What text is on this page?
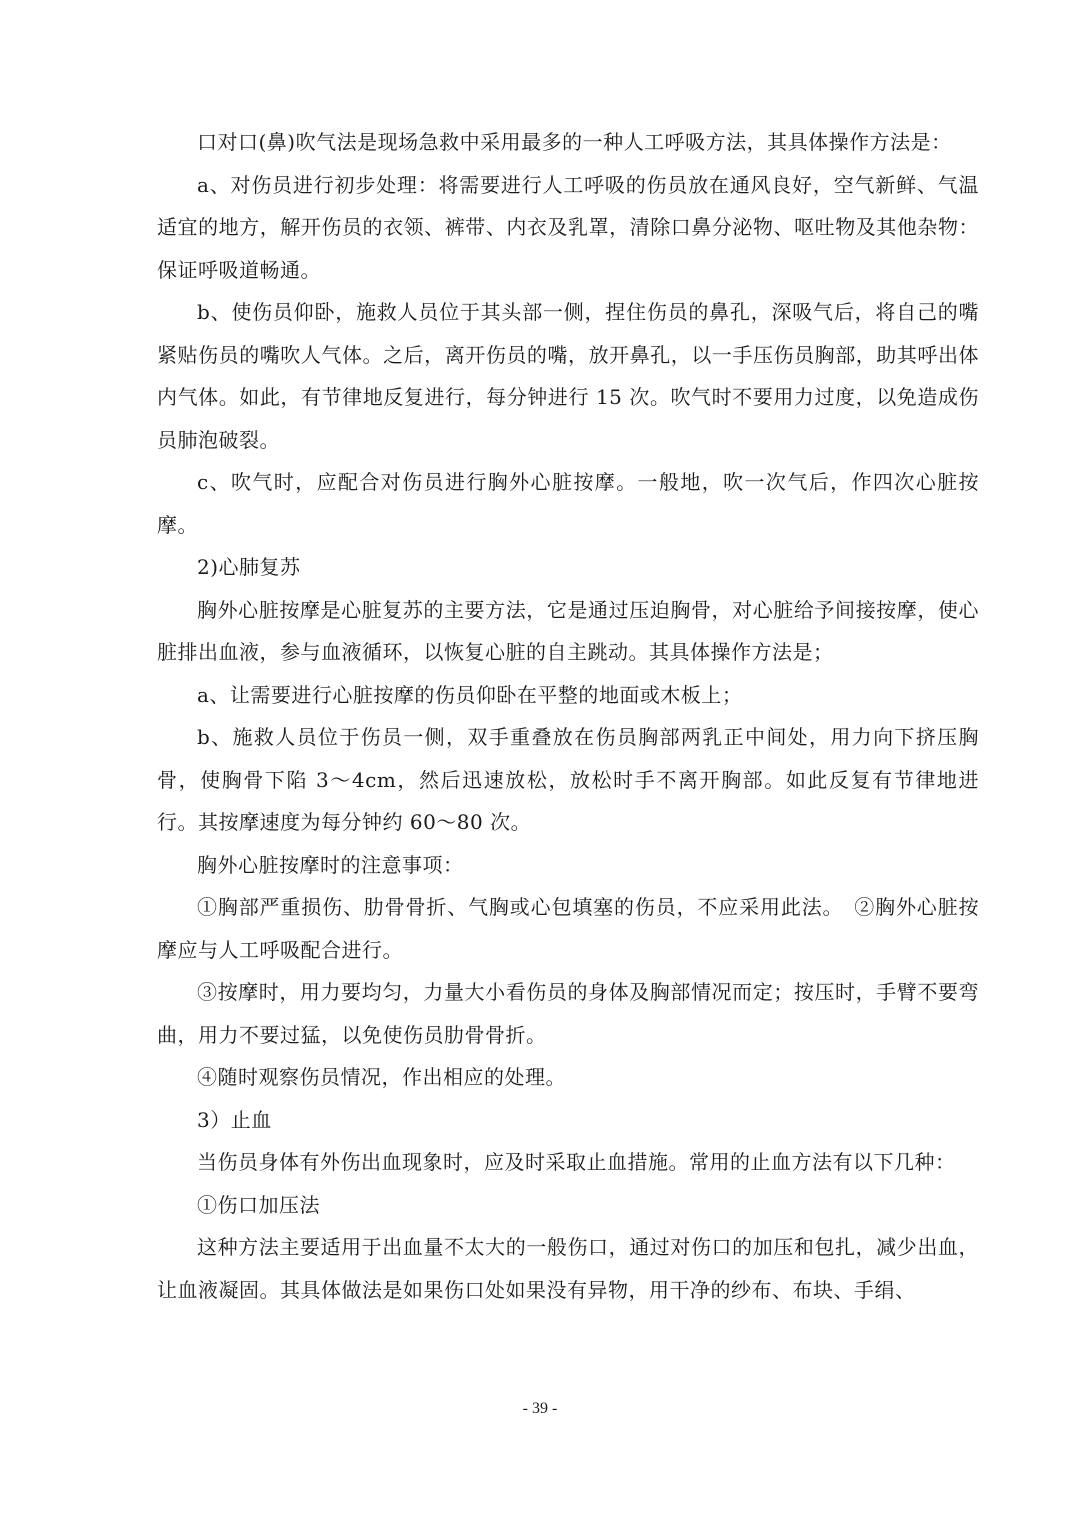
口对口(鼻)吹气法是现场急救中采用最多的一种人工呼吸方法，其具体操作方法是：

a、对伤员进行初步处理：将需要进行人工呼吸的伤员放在通风良好，空气新鲜、气温适宜的地方，解开伤员的衣领、裤带、内衣及乳罩，清除口鼻分泌物、呕吐物及其他杂物：保证呼吸道畅通。

b、使伤员仰卧，施救人员位于其头部一侧，捏住伤员的鼻孔，深吸气后，将自己的嘴紧贴伤员的嘴吹人气体。之后，离开伤员的嘴，放开鼻孔，以一手压伤员胸部，助其呼出体内气体。如此，有节律地反复进行，每分钟进行 15 次。吹气时不要用力过度，以免造成伤员肺泡破裂。

c、吹气时，应配合对伤员进行胸外心脏按摩。一般地，吹一次气后，作四次心脏按摩。

2)心肺复苏

胸外心脏按摩是心脏复苏的主要方法，它是通过压迫胸骨，对心脏给予间接按摩，使心脏排出血液，参与血液循环，以恢复心脏的自主跳动。其具体操作方法是；

a、让需要进行心脏按摩的伤员仰卧在平整的地面或木板上；

b、施救人员位于伤员一侧，双手重叠放在伤员胸部两乳正中间处，用力向下挤压胸骨，使胸骨下陷 3～4cm，然后迅速放松，放松时手不离开胸部。如此反复有节律地进行。其按摩速度为每分钟约 60～80 次。

胸外心脏按摩时的注意事项：

①胸部严重损伤、肋骨骨折、气胸或心包填塞的伤员，不应采用此法。　②胸外心脏按摩应与人工呼吸配合进行。

③按摩时，用力要均匀，力量大小看伤员的身体及胸部情况而定；按压时，手臂不要弯曲，用力不要过猛，以免使伤员肋骨骨折。

④随时观察伤员情况，作出相应的处理。

3）止血

当伤员身体有外伤出血现象时，应及时采取止血措施。常用的止血方法有以下几种：

①伤口加压法

这种方法主要适用于出血量不太大的一般伤口，通过对伤口的加压和包扎，减少出血，让血液凝固。其具体做法是如果伤口处如果没有异物，用干净的纱布、布块、手绢、

- 39 -
